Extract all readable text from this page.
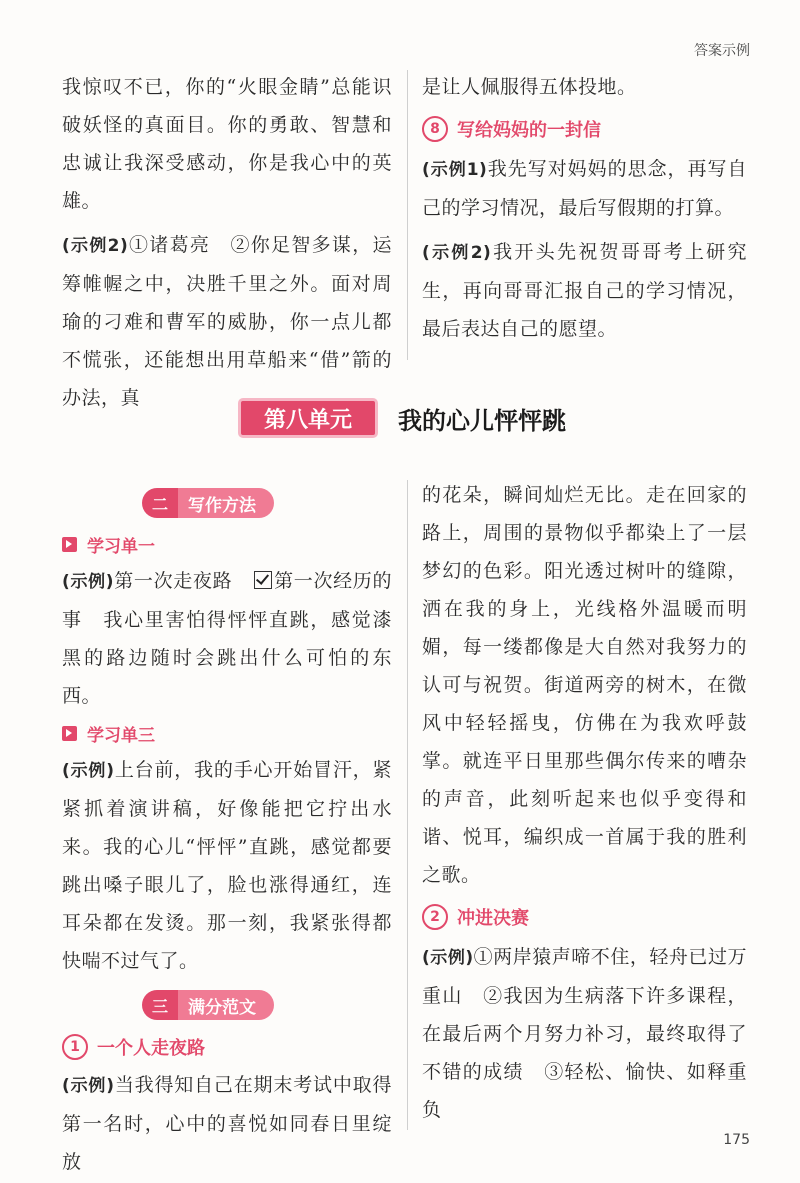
答案示例

我惊叹不已，你的“火眼金睛”总能识破妖怪的真面目。你的勇敢、智慧和忠诚让我深受感动，你是我心中的英雄。

(示例2)①诸葛亮　②你足智多谋，运筹帷幄之中，决胜千里之外。面对周瑜的刁难和曹军的威胁，你一点儿都不慌张，还能想出用草船来“借”箭的办法，真

是让人佩服得五体投地。

8 写给妈妈的一封信

(示例1)我先写对妈妈的思念，再写自己的学习情况，最后写假期的打算。

(示例2)我开头先祝贺哥哥考上研究生，再向哥哥汇报自己的学习情况，最后表达自己的愿望。

第八单元	我的心儿怦怦跳
二	写作方法
学习单一

(示例)第一次走夜路　 第一次经历的事　我心里害怕得怦怦直跳，感觉漆黑的路边随时会跳出什么可怕的东西。

学习单三

(示例)上台前，我的手心开始冒汗，紧紧抓着演讲稿，好像能把它拧出水来。我的心儿“怦怦”直跳，感觉都要跳出嗓子眼儿了，脸也涨得通红，连耳朵都在发烫。那一刻，我紧张得都快喘不过气了。

三	满分范文
1 一个人走夜路

(示例)当我得知自己在期末考试中取得第一名时，心中的喜悦如同春日里绽放

的花朵，瞬间灿烂无比。走在回家的路上，周围的景物似乎都染上了一层梦幻的色彩。阳光透过树叶的缝隙，洒在我的身上，光线格外温暖而明媚，每一缕都像是大自然对我努力的认可与祝贺。街道两旁的树木，在微风中轻轻摇曳，仿佛在为我欢呼鼓掌。就连平日里那些偶尔传来的嘈杂的声音，此刻听起来也似乎变得和谐、悦耳，编织成一首属于我的胜利之歌。

2 冲进决赛

(示例)①两岸猿声啼不住，轻舟已过万重山　②我因为生病落下许多课程，在最后两个月努力补习，最终取得了不错的成绩　③轻松、愉快、如释重负

175
